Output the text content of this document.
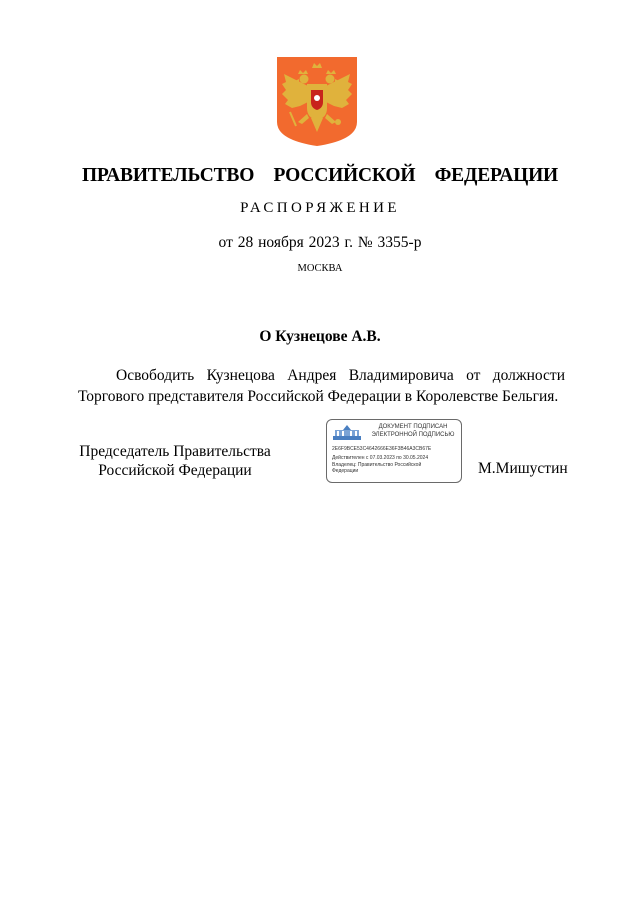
ПРАВИТЕЛЬСТВО  РОССИЙСКОЙ  ФЕДЕРАЦИИ
РАСПОРЯЖЕНИЕ
от 28 ноября 2023 г. № 3355-р
МОСКВА
О Кузнецове А.В.
Освободить Кузнецова Андрея Владимировича от должности Торгового представителя Российской Федерации в Королевстве Бельгия.
Председатель Правительства
Российской Федерации
ДОКУМЕНТ ПОДПИСАН
ЭЛЕКТРОННОЙ ПОДПИСЬЮ
2E6F9BCE53C4642666E36F3B46A3CB67E
Действителен с 07.03.2023 по 30.05.2024
Владелец: Правительство Российской
Федерации	М.Мишустин
